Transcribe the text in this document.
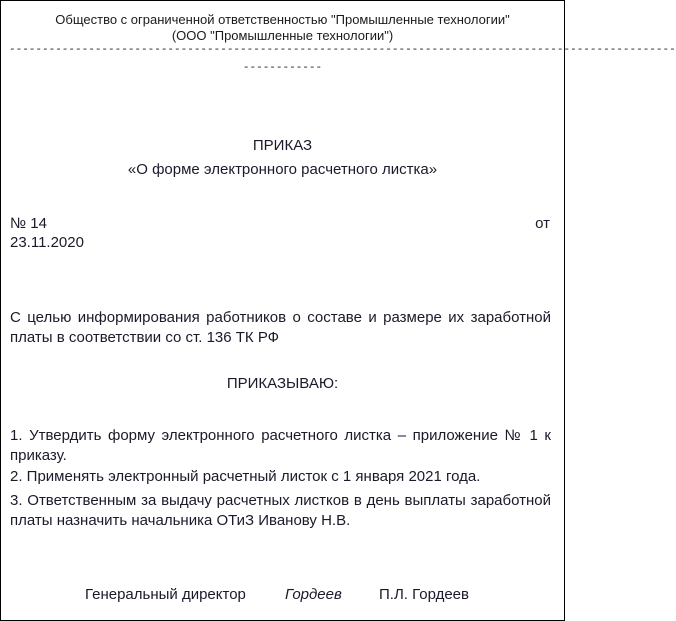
Общество с ограниченной ответственностью "Промышленные технологии"
(ООО "Промышленные технологии")
-----------------------------------------------------------------------------------------------------
------------
ПРИКАЗ
«О форме электронного расчетного листка»
№ 14	от
23.11.2020
С целью информирования работников о составе и размере их заработной платы в соответствии со ст. 136 ТК РФ
ПРИКАЗЫВАЮ:
1. Утвердить форму электронного расчетного листка – приложение № 1 к приказу.
2. Применять электронный расчетный листок с 1 января 2021 года.
3. Ответственным за выдачу расчетных листков в день выплаты заработной платы назначить начальника ОТиЗ Иванову Н.В.
Генеральный директор	Гордеев П.Л. Гордеев
